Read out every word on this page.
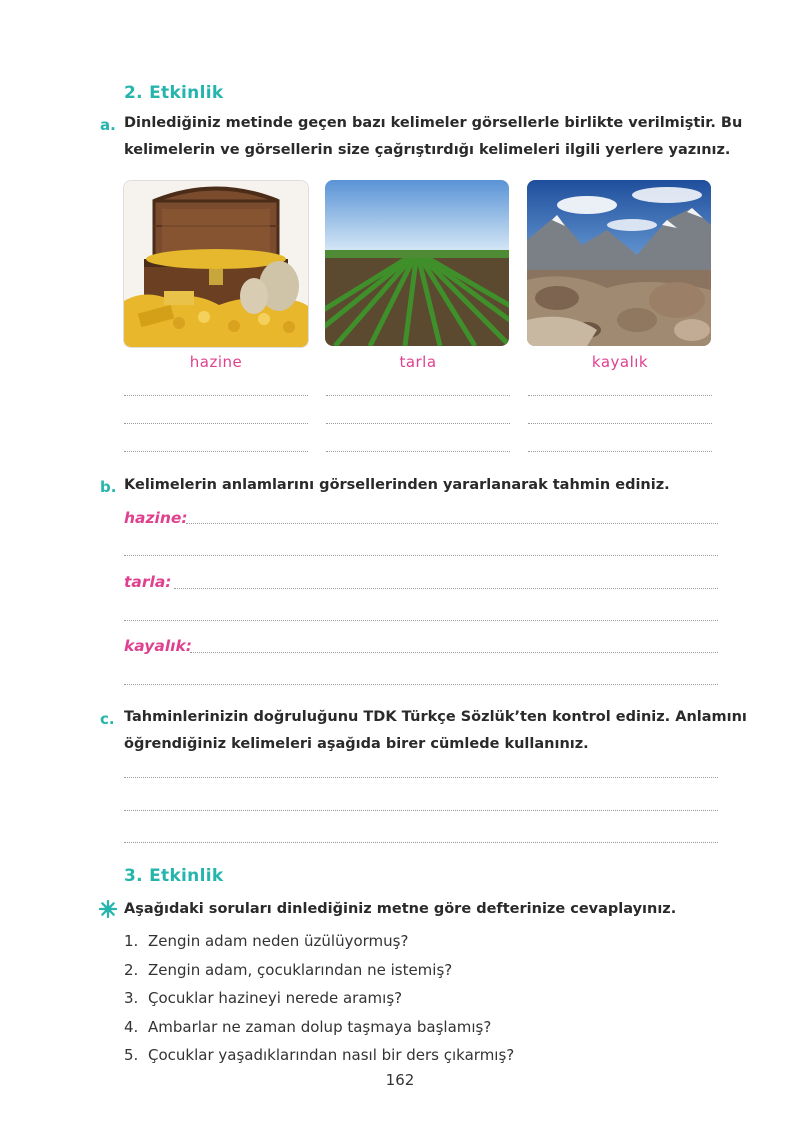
2. Etkinlik
a. Dinlediğiniz metinde geçen bazı kelimeler görsellerle birlikte verilmiştir. Bu
kelimelerin ve görsellerin size çağrıştırdığı kelimeleri ilgili yerlere yazınız.
hazine	tarla	kayalık
b. Kelimelerin anlamlarını görsellerinden yararlanarak tahmin ediniz.
hazine:
tarla:
kayalık:
c. Tahminlerinizin doğruluğunu TDK Türkçe Sözlük’ten kontrol ediniz. Anlamını
öğrendiğiniz kelimeleri aşağıda birer cümlede kullanınız.
3. Etkinlik
Aşağıdaki soruları dinlediğiniz metne göre defterinize cevaplayınız.
1. Zengin adam neden üzülüyormuş?
2. Zengin adam, çocuklarından ne istemiş?
3. Çocuklar hazineyi nerede aramış?
4. Ambarlar ne zaman dolup taşmaya başlamış?
5. Çocuklar yaşadıklarından nasıl bir ders çıkarmış?
162
